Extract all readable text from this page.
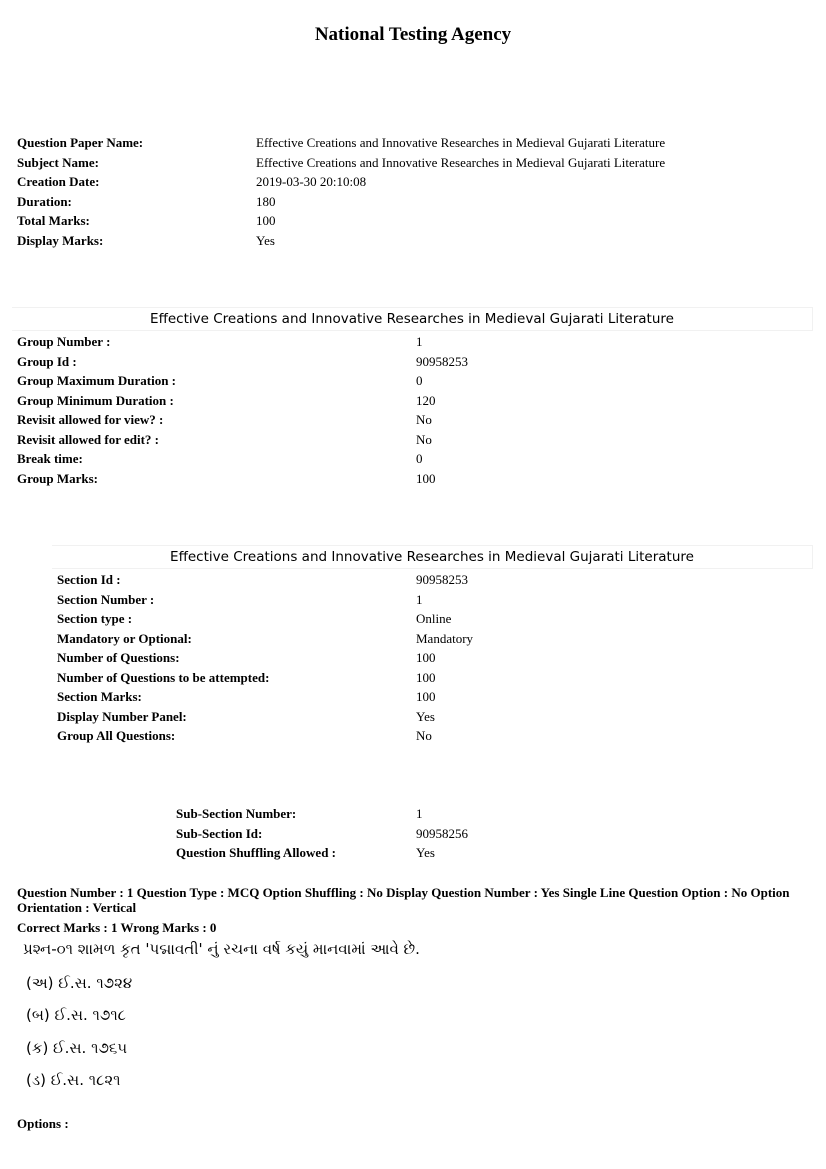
National Testing Agency
Question Paper Name:	Effective Creations and Innovative Researches in Medieval Gujarati Literature
Subject Name:	Effective Creations and Innovative Researches in Medieval Gujarati Literature
Creation Date:	2019-03-30 20:10:08
Duration:	180
Total Marks:	100
Display Marks:	Yes
Effective Creations and Innovative Researches in Medieval Gujarati Literature
Group Number :	1
Group Id :	90958253
Group Maximum Duration :	0
Group Minimum Duration :	120
Revisit allowed for view? :	No
Revisit allowed for edit? :	No
Break time:	0
Group Marks:	100
Effective Creations and Innovative Researches in Medieval Gujarati Literature
Section Id :	90958253
Section Number :	1
Section type :	Online
Mandatory or Optional:	Mandatory
Number of Questions:	100
Number of Questions to be attempted:	100
Section Marks:	100
Display Number Panel:	Yes
Group All Questions:	No
Sub-Section Number:	1
Sub-Section Id:	90958256
Question Shuffling Allowed :	Yes
Question Number : 1 Question Type : MCQ Option Shuffling : No Display Question Number : Yes Single Line Question Option : No Option Orientation : Vertical
Correct Marks : 1 Wrong Marks : 0
પ્રશ્ન-૦૧ શામળ કૃત 'પદ્માવતી' નું રચના વર્ષ કયું માનવામાં આવે છે.
(અ) ઈ.સ. ૧૭૨૪
(બ) ઈ.સ. ૧૭૧૮
(ક) ઈ.સ. ૧૭૬૫
(ડ) ઈ.સ. ૧૮૨૧
Options :
